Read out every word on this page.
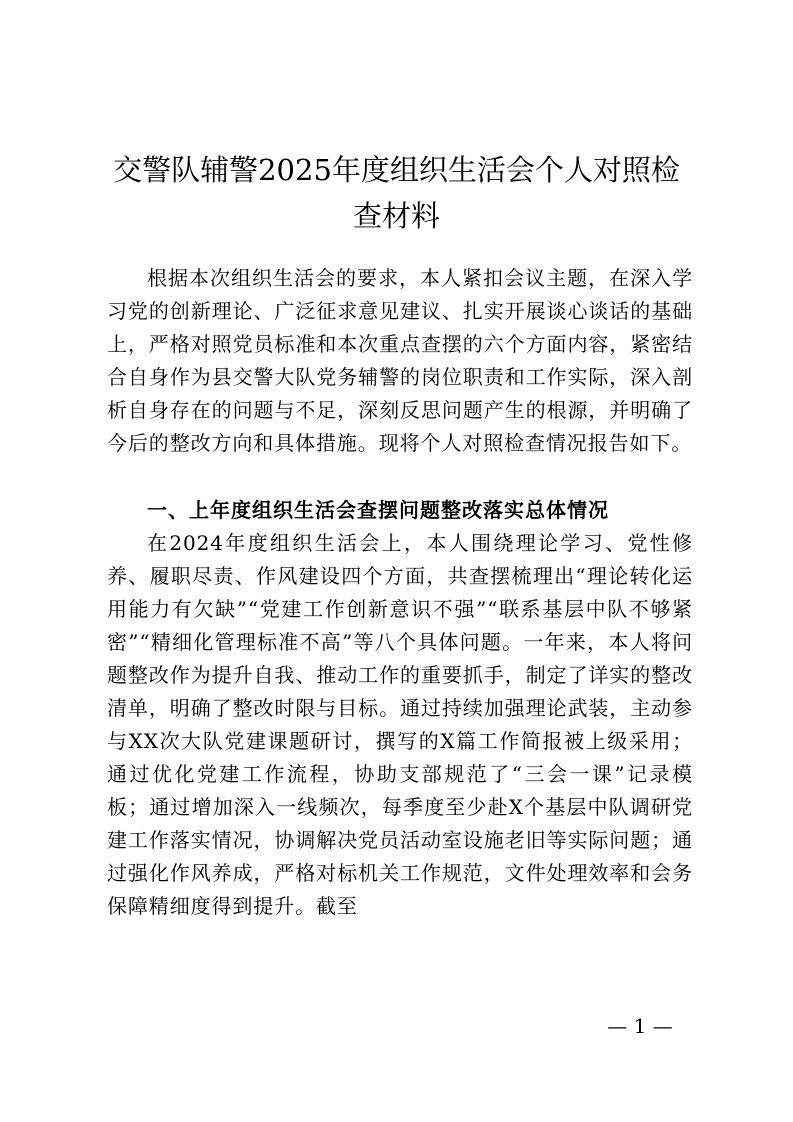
交警队辅警2025年度组织生活会个人对照检
查材料

根据本次组织生活会的要求，本人紧扣会议主题，在深入学习党的创新理论、广泛征求意见建议、扎实开展谈心谈话的基础上，严格对照党员标准和本次重点查摆的六个方面内容，紧密结合自身作为县交警大队党务辅警的岗位职责和工作实际，深入剖析自身存在的问题与不足，深刻反思问题产生的根源，并明确了今后的整改方向和具体措施。现将个人对照检查情况报告如下。

一、上年度组织生活会查摆问题整改落实总体情况

在2024年度组织生活会上，本人围绕理论学习、党性修养、履职尽责、作风建设四个方面，共查摆梳理出“理论转化运用能力有欠缺”“党建工作创新意识不强”“联系基层中队不够紧密”“精细化管理标准不高”等八个具体问题。一年来，本人将问题整改作为提升自我、推动工作的重要抓手，制定了详实的整改清单，明确了整改时限与目标。通过持续加强理论武装，主动参与XX次大队党建课题研讨，撰写的X篇工作简报被上级采用；通过优化党建工作流程，协助支部规范了“三会一课”记录模板；通过增加深入一线频次，每季度至少赴X个基层中队调研党建工作落实情况，协调解决党员活动室设施老旧等实际问题；通过强化作风养成，严格对标机关工作规范，文件处理效率和会务保障精细度得到提升。截至

— 1 —
